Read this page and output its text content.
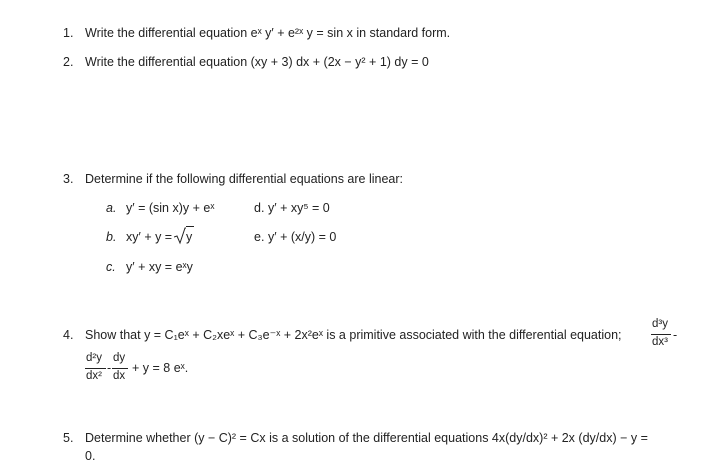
1. Write the differential equation eˣ y′ + e²ˣ y = sin x in standard form.
2. Write the differential equation (xy + 3) dx + (2x − y² + 1) dy = 0
3. Determine if the following differential equations are linear:
a. y′ = (sin x)y + eˣ
b. xy′ + y = y
c. y′ + xy = eˣy
d. y′ + xy⁵ = 0
e. y′ + (x/y) = 0
4. Show that y = C₁eˣ + C₂xeˣ + C₃e⁻ˣ + 2x²eˣ is a primitive associated with the differential equation;
d³y
dx³ -
d²y
dx²
-
dy
dx
+ y = 8 eˣ.
5. Determine whether (y − C)² = Cx is a solution of the differential equations 4x(dy/dx)² + 2x (dy/dx) − y =
0.
